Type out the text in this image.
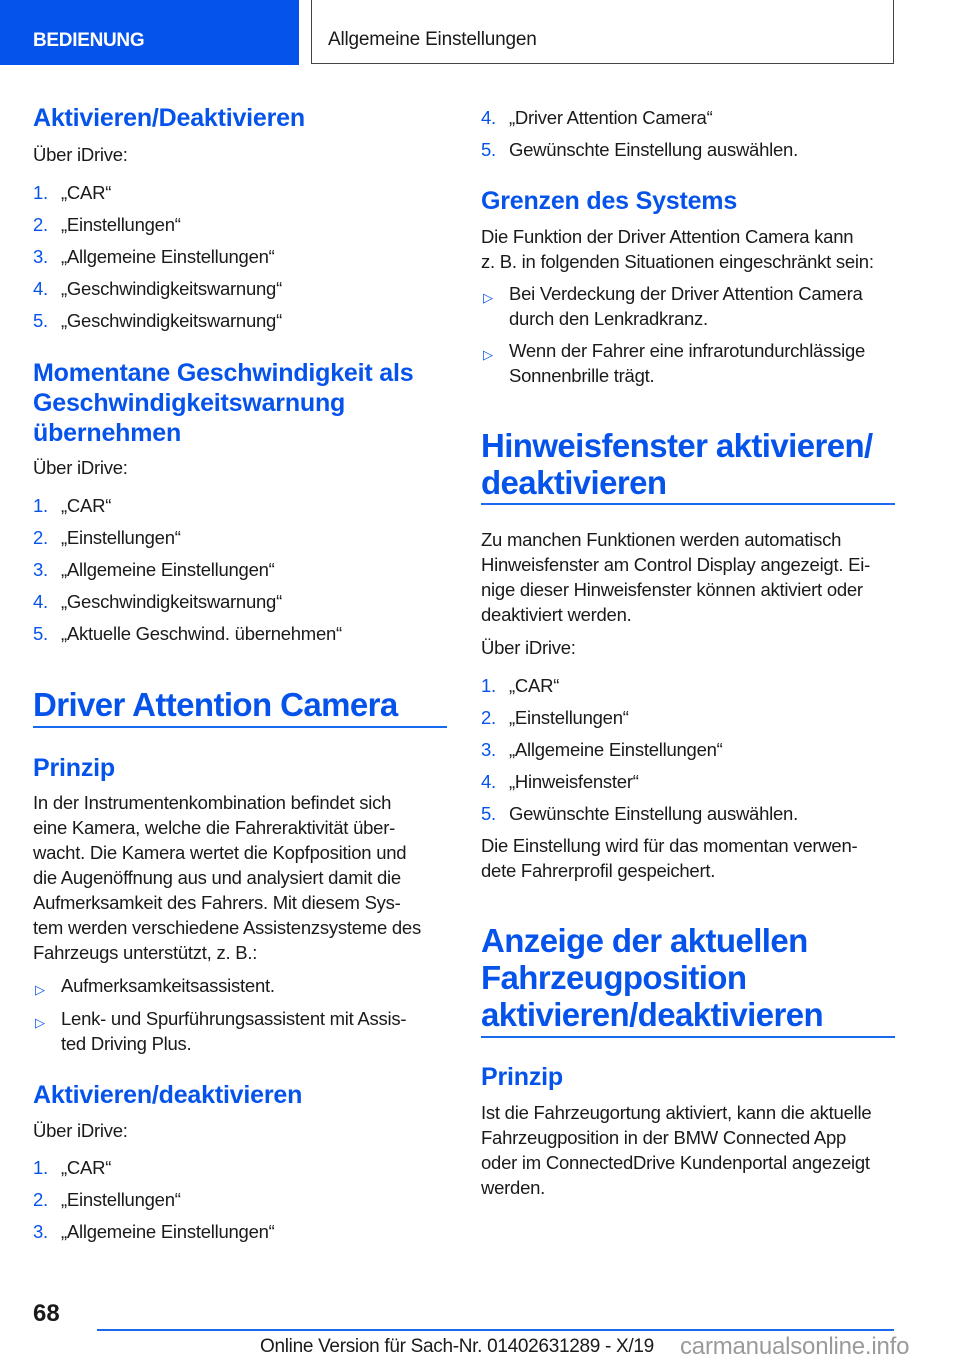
BEDIENUNG	Allgemeine Einstellungen
Aktivieren/Deaktivieren
Über iDrive:
1. „CAR“
2. „Einstellungen“
3. „Allgemeine Einstellungen“
4. „Geschwindigkeitswarnung“
5. „Geschwindigkeitswarnung“
Momentane Geschwindigkeit als
Geschwindigkeitswarnung
übernehmen
Über iDrive:
1. „CAR“
2. „Einstellungen“
3. „Allgemeine Einstellungen“
4. „Geschwindigkeitswarnung“
5. „Aktuelle Geschwind. übernehmen“
Driver Attention Camera
Prinzip
In der Instrumentenkombination befindet sich
eine Kamera, welche die Fahreraktivität über-
wacht. Die Kamera wertet die Kopfposition und
die Augenöffnung aus und analysiert damit die
Aufmerksamkeit des Fahrers. Mit diesem Sys-
tem werden verschiedene Assistenzsysteme des
Fahrzeugs unterstützt, z. B.:
▷ Aufmerksamkeitsassistent.
▷ Lenk- und Spurführungsassistent mit Assis-
ted Driving Plus.
Aktivieren/deaktivieren
Über iDrive:
1. „CAR“
2. „Einstellungen“
3. „Allgemeine Einstellungen“
4. „Driver Attention Camera“
5. Gewünschte Einstellung auswählen.
Grenzen des Systems
Die Funktion der Driver Attention Camera kann
z. B. in folgenden Situationen eingeschränkt sein:
▷ Bei Verdeckung der Driver Attention Camera
durch den Lenkradkranz.
▷ Wenn der Fahrer eine infrarotundurchlässige
Sonnenbrille trägt.
Hinweisfenster aktivieren/
deaktivieren
Zu manchen Funktionen werden automatisch
Hinweisfenster am Control Display angezeigt. Ei-
nige dieser Hinweisfenster können aktiviert oder
deaktiviert werden.
Über iDrive:
1. „CAR“
2. „Einstellungen“
3. „Allgemeine Einstellungen“
4. „Hinweisfenster“
5. Gewünschte Einstellung auswählen.
Die Einstellung wird für das momentan verwen-
dete Fahrerprofil gespeichert.
Anzeige der aktuellen
Fahrzeugposition
aktivieren/deaktivieren
Prinzip
Ist die Fahrzeugortung aktiviert, kann die aktuelle
Fahrzeugposition in der BMW Connected App
oder im ConnectedDrive Kundenportal angezeigt
werden.
68
Online Version für Sach-Nr. 01402631289 - X/19 carmanualsonline.info
